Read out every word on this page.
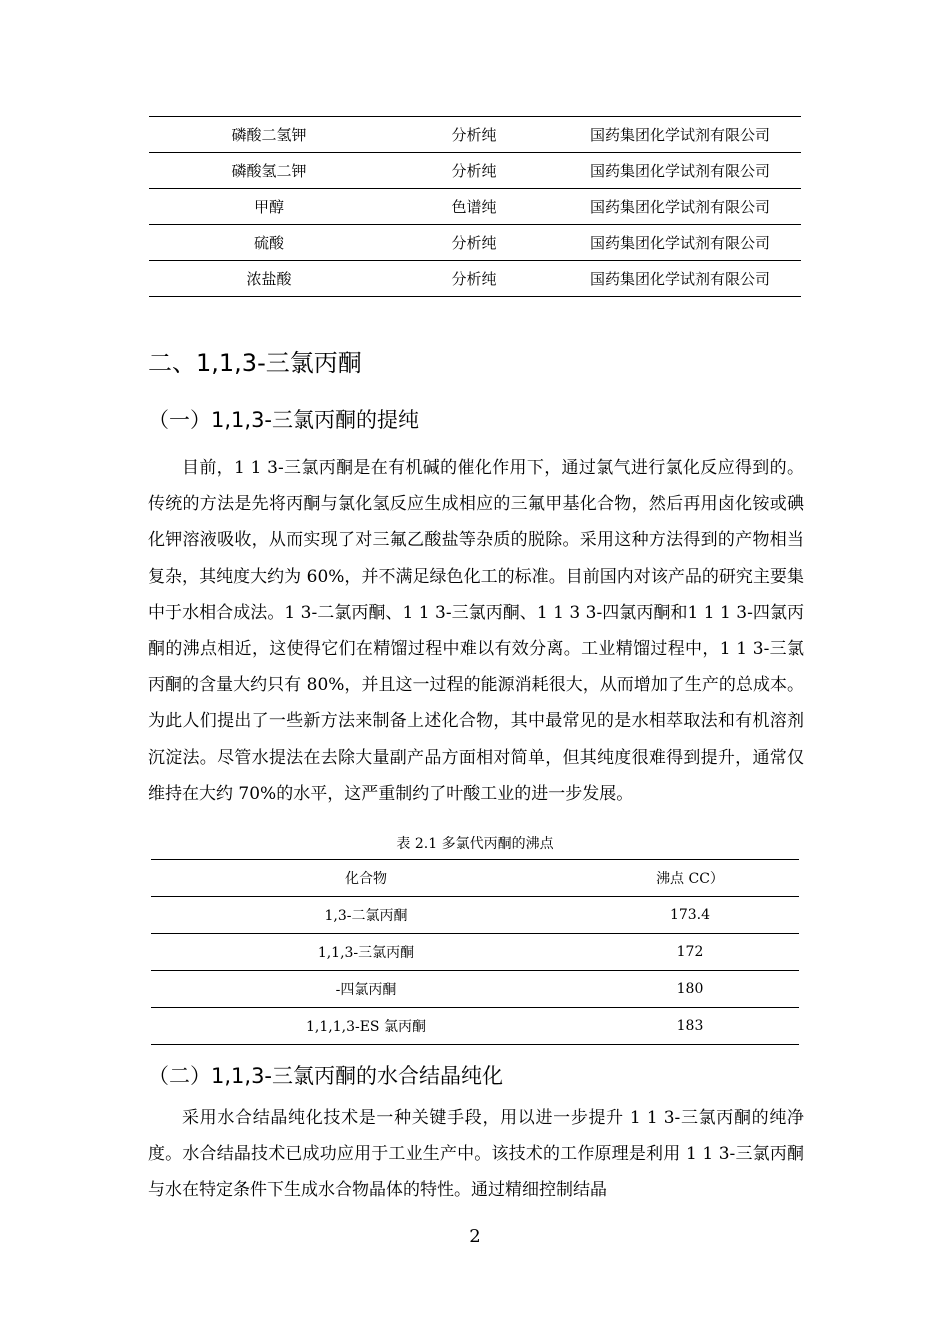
磷酸二氢钾	分析纯	国药集团化学试剂有限公司
磷酸氢二钾	分析纯	国药集团化学试剂有限公司
甲醇	色谱纯	国药集团化学试剂有限公司
硫酸	分析纯	国药集团化学试剂有限公司
浓盐酸	分析纯	国药集团化学试剂有限公司
二、1,1,3-三氯丙酮
（一）1,1,3-三氯丙酮的提纯

目前，1 1 3-三氯丙酮是在有机碱的催化作用下，通过氯气进行氯化反应得到的。传统的方法是先将丙酮与氯化氢反应生成相应的三氟甲基化合物，然后再用卤化铵或碘化钾溶液吸收，从而实现了对三氟乙酸盐等杂质的脱除。采用这种方法得到的产物相当复杂，其纯度大约为 60%，并不满足绿色化工的标准。目前国内对该产品的研究主要集中于水相合成法。1 3-二氯丙酮、1 1 3-三氯丙酮、1 1 3 3-四氯丙酮和1 1 1 3-四氯丙酮的沸点相近，这使得它们在精馏过程中难以有效分离。工业精馏过程中，1 1 3-三氯丙酮的含量大约只有 80%，并且这一过程的能源消耗很大，从而增加了生产的总成本。为此人们提出了一些新方法来制备上述化合物，其中最常见的是水相萃取法和有机溶剂沉淀法。尽管水提法在去除大量副产品方面相对简单，但其纯度很难得到提升，通常仅维持在大约 70%的水平，这严重制约了叶酸工业的进一步发展。

表 2.1 多氯代丙酮的沸点
化合物	沸点 CC）
1,3-二氯丙酮	173.4
1,1,3-三氯丙酮	172
-四氯丙酮	180
1,1,1,3-ES 氯丙酮	183
（二）1,1,3-三氯丙酮的水合结晶纯化

采用水合结晶纯化技术是一种关键手段，用以进一步提升 1 1 3-三氯丙酮的纯净度。水合结晶技术已成功应用于工业生产中。该技术的工作原理是利用 1 1 3-三氯丙酮与水在特定条件下生成水合物晶体的特性。通过精细控制结晶

2
